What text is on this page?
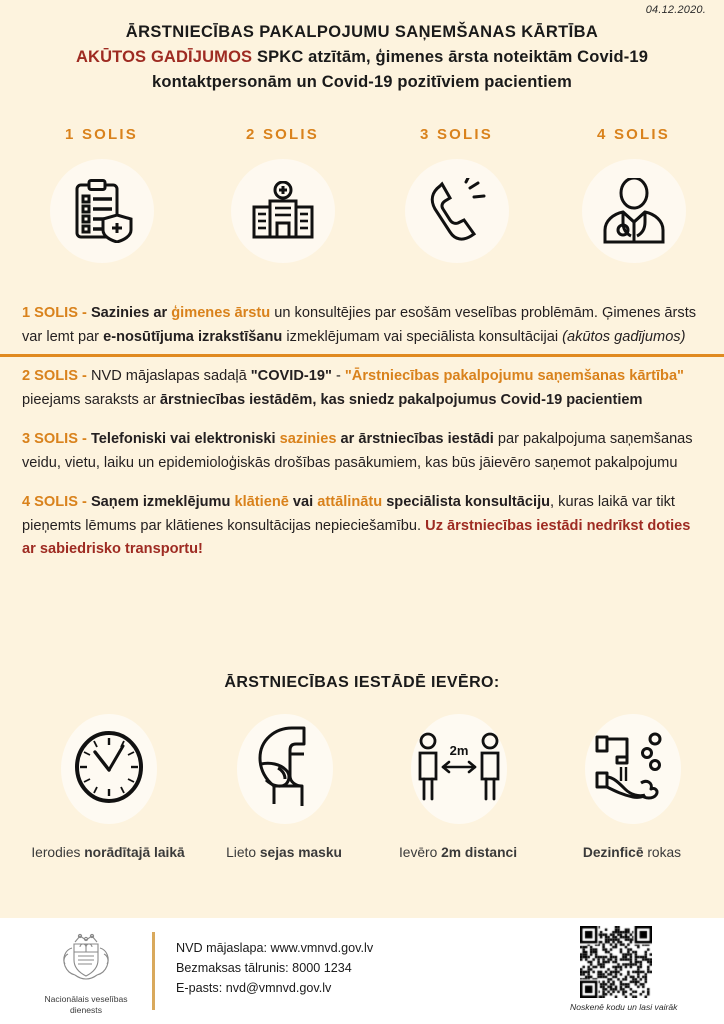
04.12.2020.
ĀRSTNIECĪBAS PAKALPOJUMU SAŅEMŠANAS KĀRTĪBA
AKŪTOS GADĪJUMOS SPKC atzītām, ģimenes ārsta noteiktām Covid-19
kontaktpersonām un Covid-19 pozitīviem pacientiem
1 SOLIS	2 SOLIS	3 SOLIS	4 SOLIS
1 SOLIS - Sazinies ar ģimenes ārstu un konsultējies par esošām veselības problēmām. Ģimenes ārsts var lemt par e-nosūtījuma izrakstīšanu izmeklējumam vai speciālista konsultācijai (akūtos gadījumos)
2 SOLIS - NVD mājaslapas sadaļā "COVID-19" - "Ārstniecības pakalpojumu saņemšanas kārtība" pieejams saraksts ar ārstniecības iestādēm, kas sniedz pakalpojumus Covid-19 pacientiem
3 SOLIS - Telefoniski vai elektroniski sazinies ar ārstniecības iestādi par pakalpojuma saņemšanas veidu, vietu, laiku un epidemioloģiskās drošības pasākumiem, kas būs jāievēro saņemot pakalpojumu
4 SOLIS - Saņem izmeklējumu klātienē vai attālinātu speciālista konsultāciju, kuras laikā var tikt pieņemts lēmums par klātienes konsultācijas nepieciešamību. Uz ārstniecības iestādi nedrīkst doties ar sabiedrisko transportu!
ĀRSTNIECĪBAS IESTĀDĒ IEVĒRO:
Ierodies norādītajā laikā	Lieto sejas masku
2m
Ievēro 2m distanci	Dezinficē rokas
Nacionālais veselības
dienests
NVD mājaslapa: www.vmnvd.gov.lv
Bezmaksas tālrunis: 8000 1234
E-pasts: nvd@vmnvd.gov.lv
Noskenē kodu un lasi vairāk
